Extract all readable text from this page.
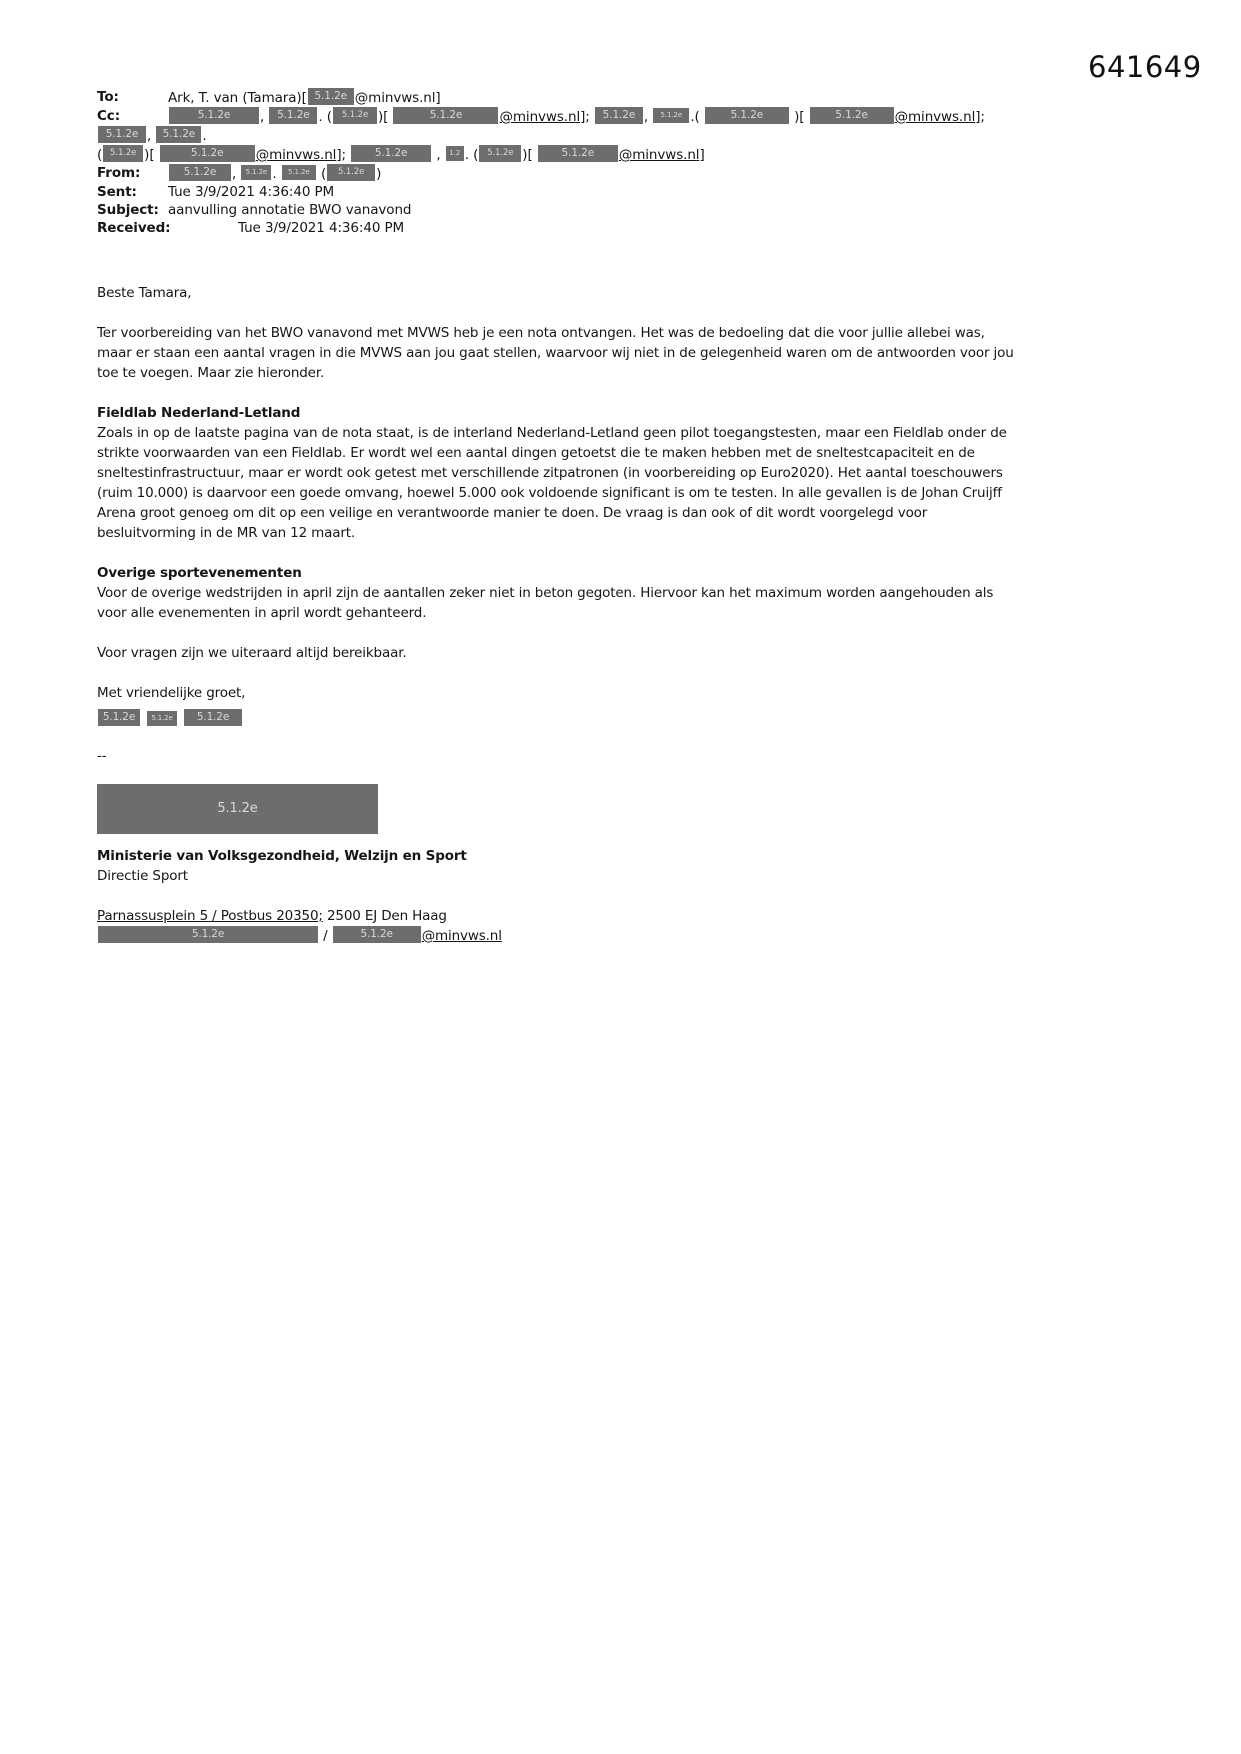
641649
To:	Ark, T. van (Tamara)[ 5.1.2e @minvws.nl]
Cc:	5.1.2e , 5.1.2e . ( 5.1.2e )[	5.1.2e	@minvws.nl]; 5.1.2e , 5.1.2e .(	5.1.2e )[	5.1.2e @minvws.nl]; 5.1.2e , 5.1.2e .
( 5.1.2e )[	5.1.2e @minvws.nl]; 5.1.2e , 1.2 . ( 5.1.2e )[ 5.1.2e @minvws.nl]
From:	5.1.2e , 5.1.2e . 5.1.2e ( 5.1.2e )
Sent: Tue 3/9/2021 4:36:40 PM
Subject: aanvulling annotatie BWO vanavond
Received:	Tue 3/9/2021 4:36:40 PM

Beste Tamara,

Ter voorbereiding van het BWO vanavond met MVWS heb je een nota ontvangen. Het was de bedoeling dat die voor jullie allebei was, maar er staan een aantal vragen in die MVWS aan jou gaat stellen, waarvoor wij niet in de gelegenheid waren om de antwoorden voor jou toe te voegen. Maar zie hieronder.

Fieldlab Nederland-Letland

Zoals in op de laatste pagina van de nota staat, is de interland Nederland-Letland geen pilot toegangstesten, maar een Fieldlab onder de strikte voorwaarden van een Fieldlab. Er wordt wel een aantal dingen getoetst die te maken hebben met de sneltestcapaciteit en de sneltestinfrastructuur, maar er wordt ook getest met verschillende zitpatronen (in voorbereiding op Euro2020). Het aantal toeschouwers (ruim 10.000) is daarvoor een goede omvang, hoewel 5.000 ook voldoende significant is om te testen. In alle gevallen is de Johan Cruijff Arena groot genoeg om dit op een veilige en verantwoorde manier te doen. De vraag is dan ook of dit wordt voorgelegd voor besluitvorming in de MR van 12 maart.

Overige sportevenementen

Voor de overige wedstrijden in april zijn de aantallen zeker niet in beton gegoten. Hiervoor kan het maximum worden aangehouden als voor alle evenementen in april wordt gehanteerd.

Voor vragen zijn we uiteraard altijd bereikbaar.

Met vriendelijke groet,

5.1.2e	5.1.2e	5.1.2e

--

5.1.2e

Ministerie van Volksgezondheid, Welzijn en Sport

Directie Sport

Parnassusplein 5 / Postbus 20350; 2500 EJ Den Haag

5.1.2e	/	5.1.2e @minvws.nl
